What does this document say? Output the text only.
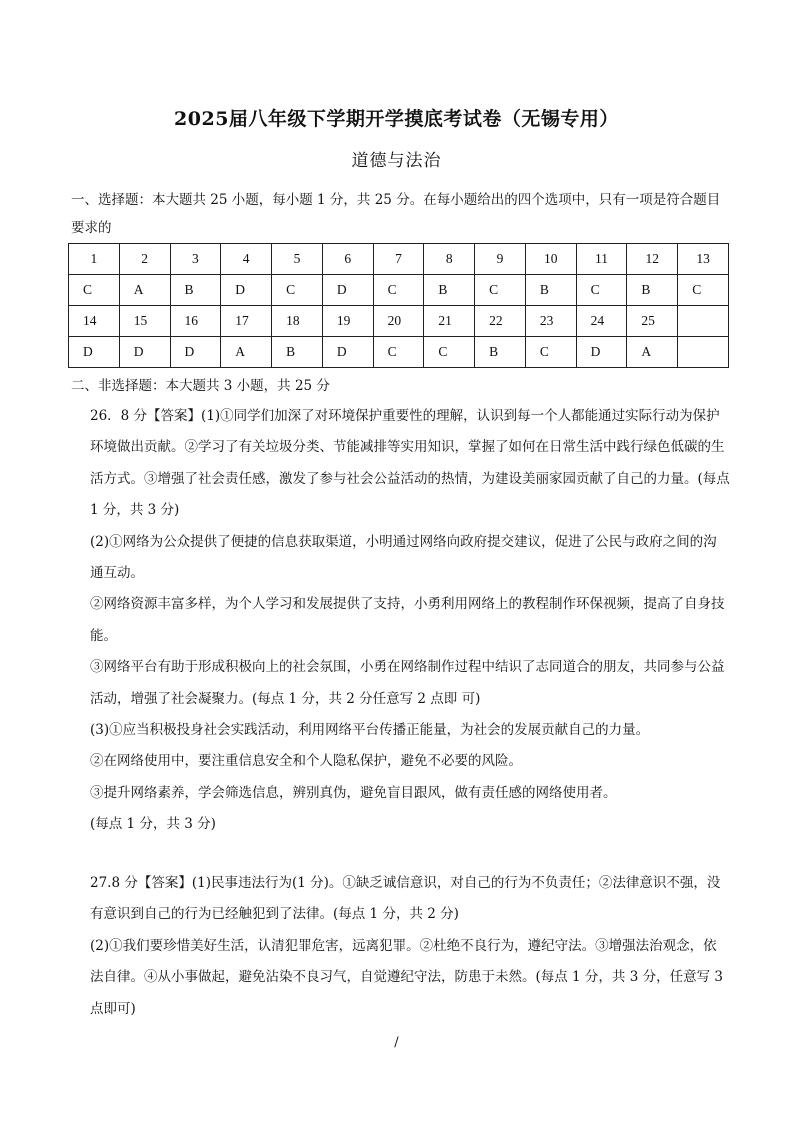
2025届八年级下学期开学摸底考试卷（无锡专用）
道德与法治
一、选择题：本大题共 25 小题，每小题 1 分，共 25 分。在每小题给出的四个选项中，只有一项是符合题目要求的
1	2	3	4	5	6	7	8	9	10	11	12	13
C	A	B	D	C	D	C	B	C	B	C	B	C
14	15	16	17	18	19	20	21	22	23	24	25	
D	D	D	A	B	D	C	C	B	C	D	A	
二、非选择题：本大题共 3 小题，共 25 分

26．8 分【答案】(1)①同学们加深了对环境保护重要性的理解，认识到每一个人都能通过实际行动为保护环境做出贡献。②学习了有关垃圾分类、节能减排等实用知识，掌握了如何在日常生活中践行绿色低碳的生活方式。③增强了社会责任感，激发了参与社会公益活动的热情，为建设美丽家园贡献了自己的力量。(每点 1 分，共 3 分)

(2)①网络为公众提供了便捷的信息获取渠道，小明通过网络向政府提交建议，促进了公民与政府之间的沟通互动。

②网络资源丰富多样，为个人学习和发展提供了支持，小勇利用网络上的教程制作环保视频，提高了自身技能。

③网络平台有助于形成积极向上的社会氛围，小勇在网络制作过程中结识了志同道合的朋友，共同参与公益活动，增强了社会凝聚力。(每点 1 分，共 2 分任意写 2 点即 可)

(3)①应当积极投身社会实践活动，利用网络平台传播正能量，为社会的发展贡献自己的力量。

②在网络使用中，要注重信息安全和个人隐私保护，避免不必要的风险。

③提升网络素养，学会筛选信息，辨别真伪，避免盲目跟风，做有责任感的网络使用者。

(每点 1 分，共 3 分)

27.8 分【答案】(1)民事违法行为(1 分)。①缺乏诚信意识，对自己的行为不负责任；②法律意识不强，没有意识到自己的行为已经触犯到了法律。(每点 1 分，共 2 分)

(2)①我们要珍惜美好生活，认清犯罪危害，远离犯罪。②杜绝不良行为，遵纪守法。③增强法治观念，依法自律。④从小事做起，避免沾染不良习气，自觉遵纪守法，防患于未然。(每点 1 分，共 3 分，任意写 3 点即可)

/
